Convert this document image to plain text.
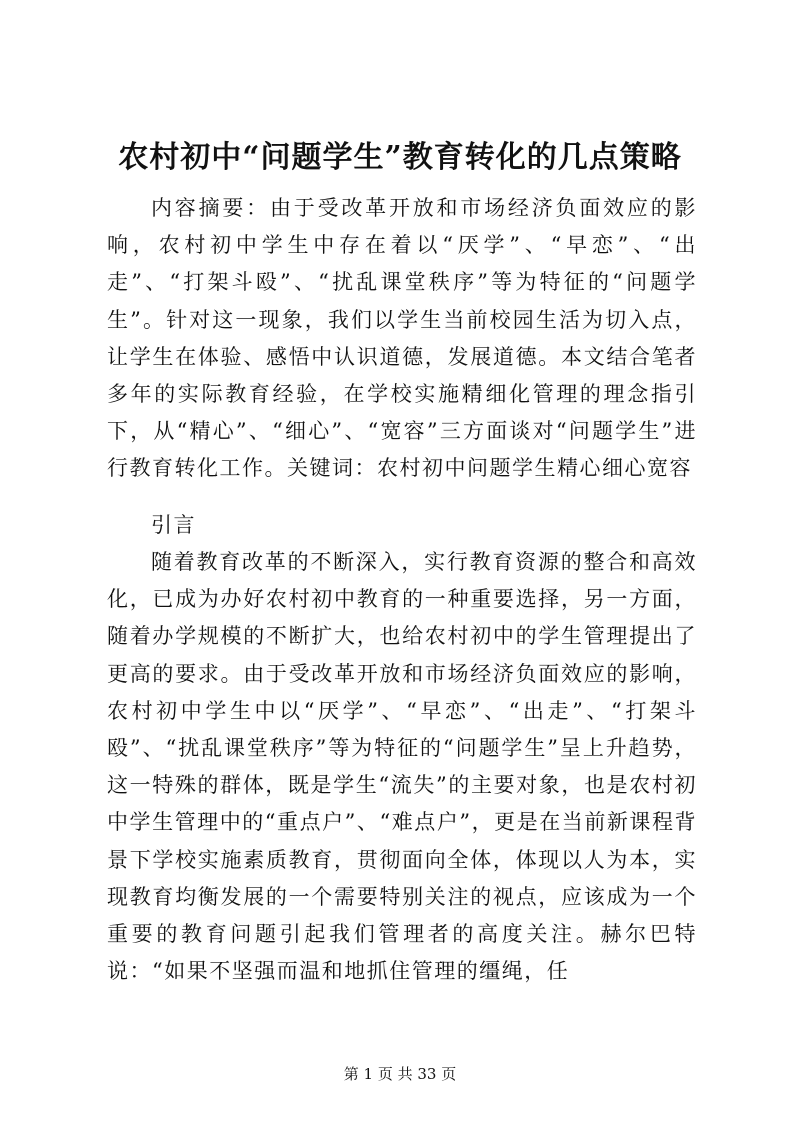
农村初中“问题学生”教育转化的几点策略

内容摘要：由于受改革开放和市场经济负面效应的影响，农村初中学生中存在着以“厌学”、“早恋”、“出走”、“打架斗殴”、“扰乱课堂秩序”等为特征的“问题学生”。针对这一现象，我们以学生当前校园生活为切入点，让学生在体验、感悟中认识道德，发展道德。本文结合笔者多年的实际教育经验，在学校实施精细化管理的理念指引下，从“精心”、“细心”、“宽容”三方面谈对“问题学生”进行教育转化工作。关键词：农村初中问题学生精心细心宽容

引言

随着教育改革的不断深入，实行教育资源的整合和高效化，已成为办好农村初中教育的一种重要选择，另一方面，随着办学规模的不断扩大，也给农村初中的学生管理提出了更高的要求。由于受改革开放和市场经济负面效应的影响，农村初中学生中以“厌学”、“早恋”、“出走”、“打架斗殴”、“扰乱课堂秩序”等为特征的“问题学生”呈上升趋势，这一特殊的群体，既是学生“流失”的主要对象，也是农村初中学生管理中的“重点户”、“难点户”，更是在当前新课程背景下学校实施素质教育，贯彻面向全体，体现以人为本，实现教育均衡发展的一个需要特别关注的视点，应该成为一个重要的教育问题引起我们管理者的高度关注。赫尔巴特说：“如果不坚强而温和地抓住管理的缰绳，任

第 1 页 共 33 页
